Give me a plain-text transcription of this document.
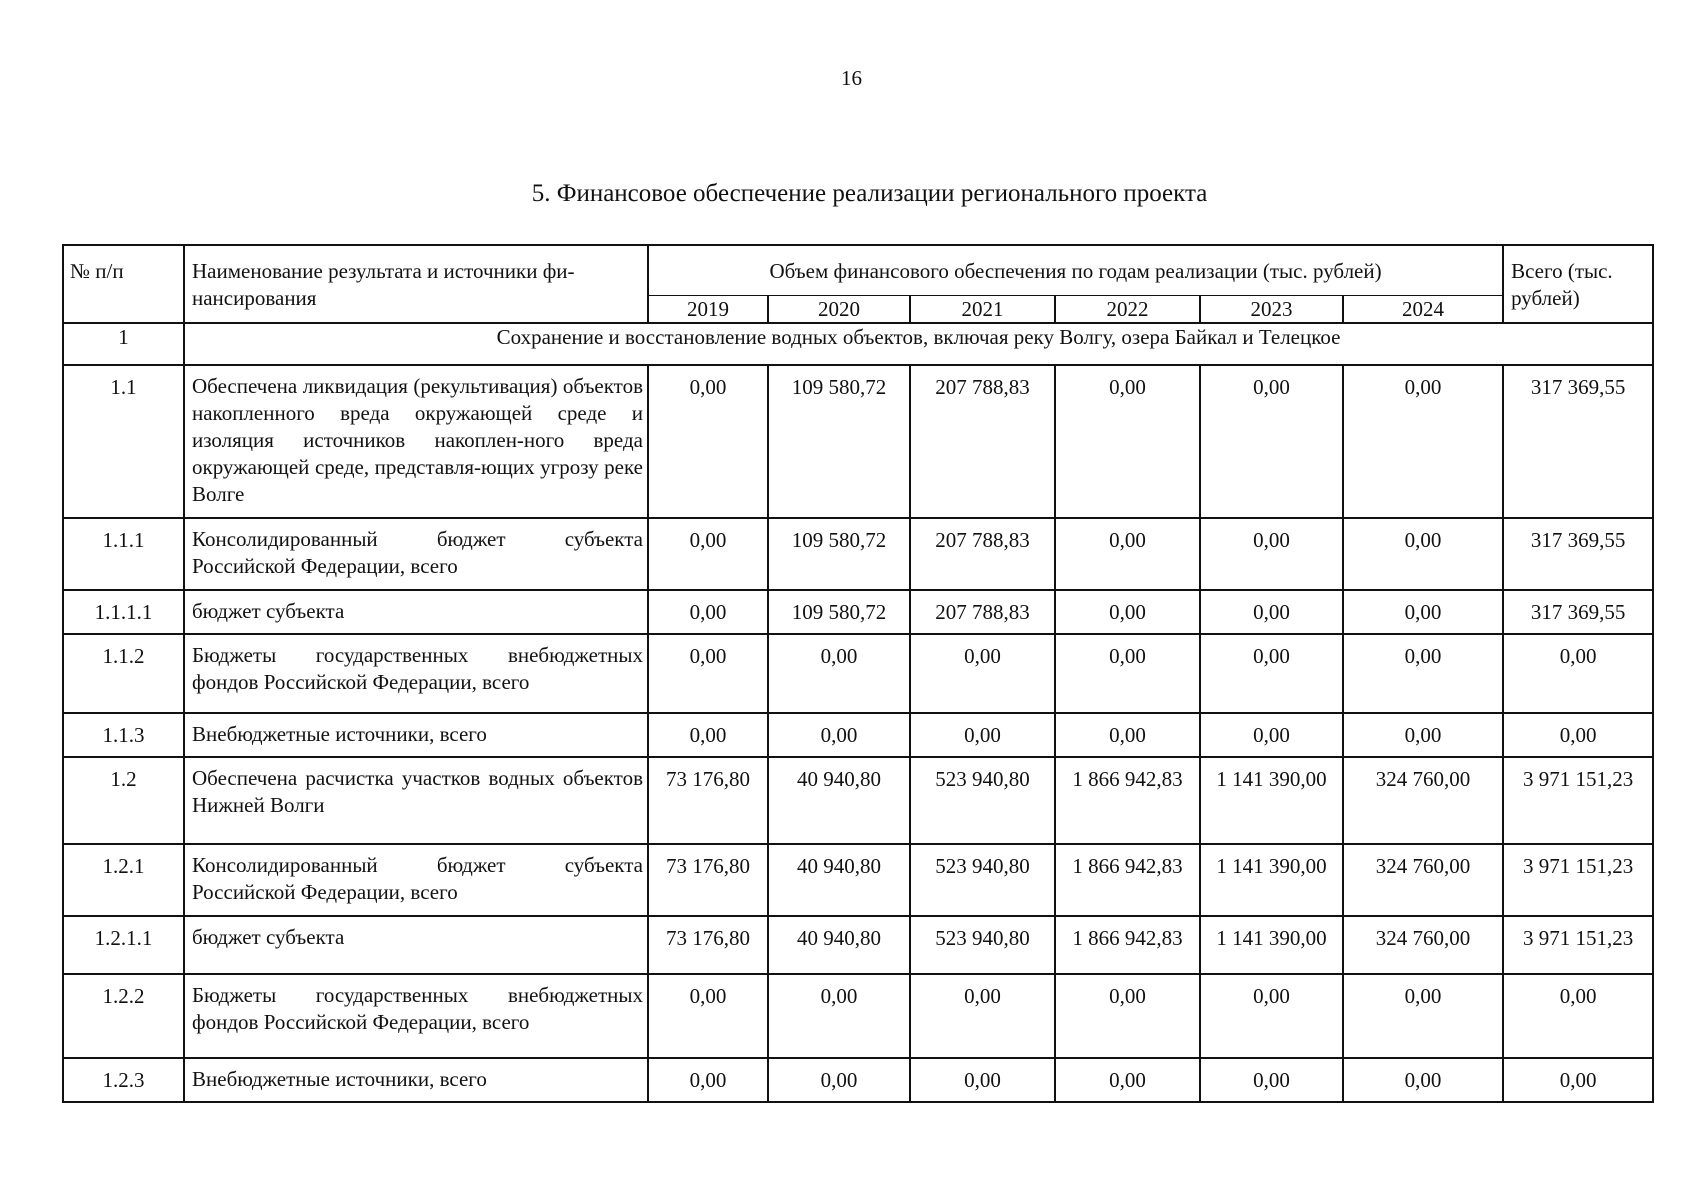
16
5. Финансовое обеспечение реализации регионального проекта
№ п/п	Наименование результата и источники фи-нансирования	Объем финансового обеспечения по годам реализации (тыс. рублей)						Всего (тыс. рублей)
		2019	2020	2021	2022	2023	2024	
1	Сохранение и восстановление водных объектов, включая реку Волгу, озера Байкал и Телецкое							
1.1	Обеспечена ликвидация (рекультивация) объектов накопленного вреда окружающей среде и изоляция источников накоплен-ного вреда окружающей среде, представля-ющих угрозу реке Волге	0,00	109 580,72	207 788,83	0,00	0,00	0,00	317 369,55
1.1.1	Консолидированный бюджет субъекта Российской Федерации, всего	0,00	109 580,72	207 788,83	0,00	0,00	0,00	317 369,55
1.1.1.1	бюджет субъекта	0,00	109 580,72	207 788,83	0,00	0,00	0,00	317 369,55
1.1.2	Бюджеты государственных внебюджетных фондов Российской Федерации, всего	0,00	0,00	0,00	0,00	0,00	0,00	0,00
1.1.3	Внебюджетные источники, всего	0,00	0,00	0,00	0,00	0,00	0,00	0,00
1.2	Обеспечена расчистка участков водных объектов Нижней Волги	73 176,80	40 940,80	523 940,80	1 866 942,83	1 141 390,00	324 760,00	3 971 151,23
1.2.1	Консолидированный бюджет субъекта Российской Федерации, всего	73 176,80	40 940,80	523 940,80	1 866 942,83	1 141 390,00	324 760,00	3 971 151,23
1.2.1.1	бюджет субъекта	73 176,80	40 940,80	523 940,80	1 866 942,83	1 141 390,00	324 760,00	3 971 151,23
1.2.2	Бюджеты государственных внебюджетных фондов Российской Федерации, всего	0,00	0,00	0,00	0,00	0,00	0,00	0,00
1.2.3	Внебюджетные источники, всего	0,00	0,00	0,00	0,00	0,00	0,00	0,00
